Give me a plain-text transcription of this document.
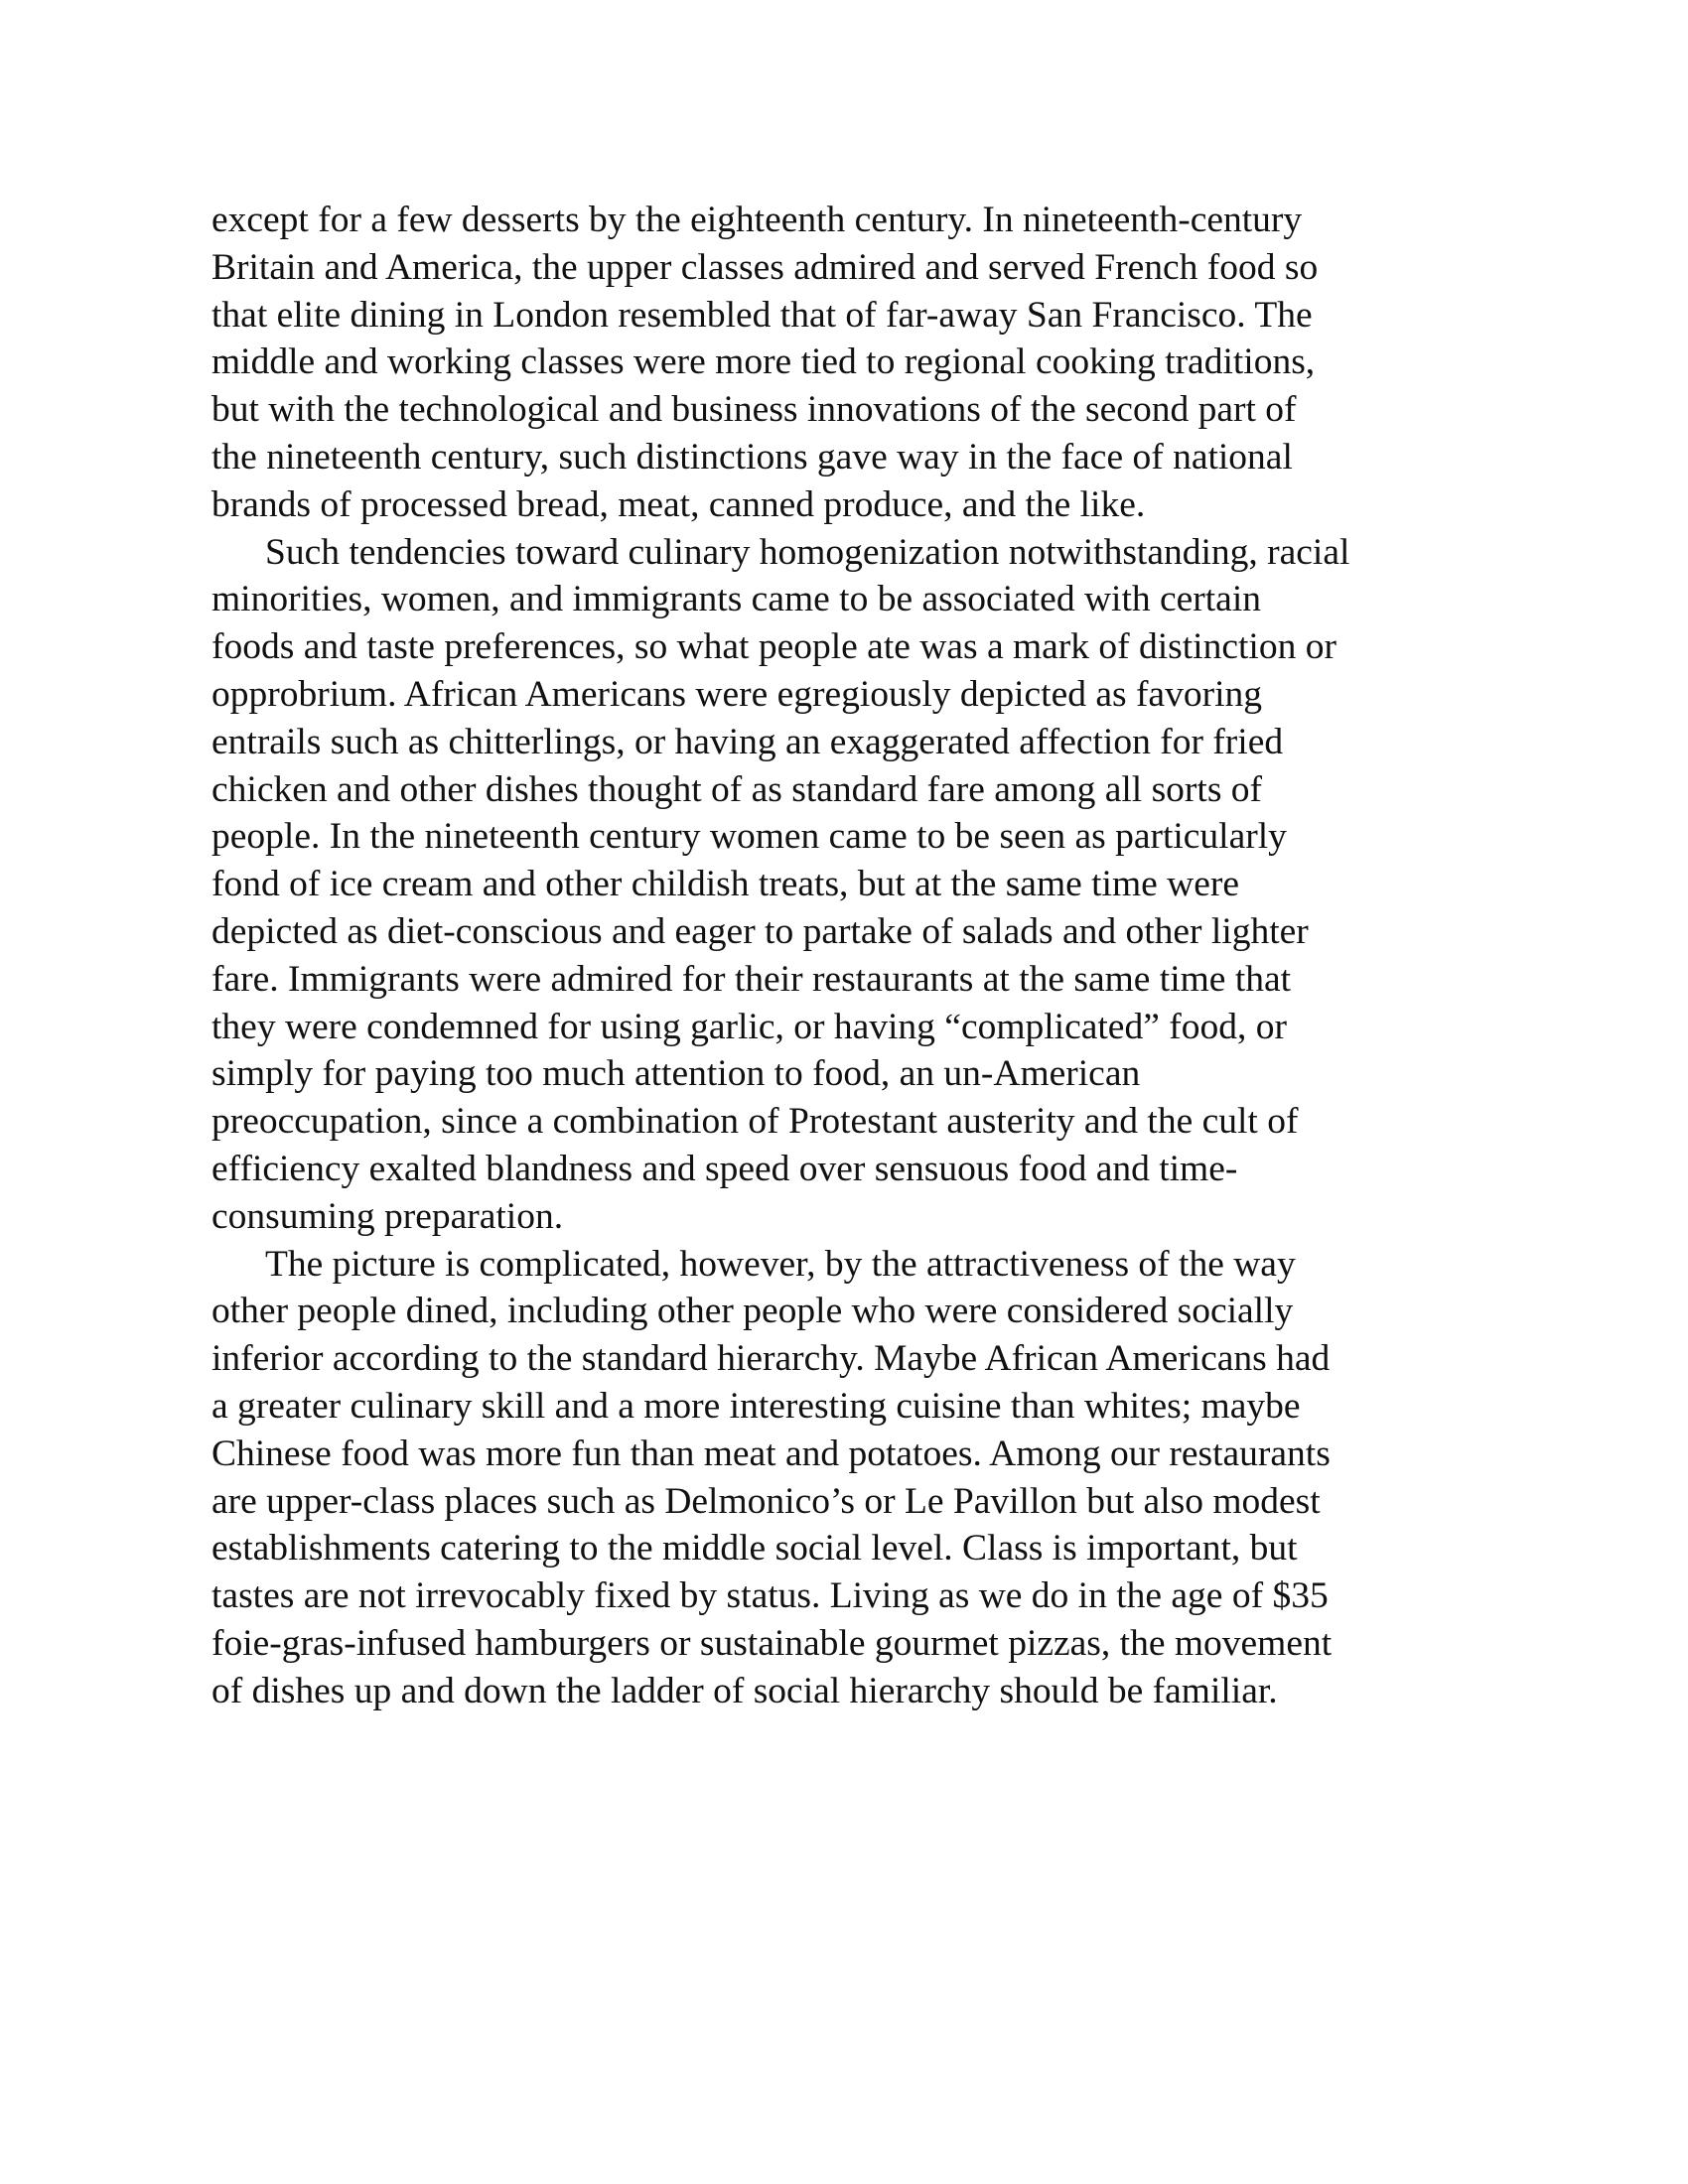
except for a few desserts by the eighteenth century. In nineteenth-century
Britain and America, the upper classes admired and served French food so
that elite dining in London resembled that of far-away San Francisco. The
middle and working classes were more tied to regional cooking traditions,
but with the technological and business innovations of the second part of
the nineteenth century, such distinctions gave way in the face of national
brands of processed bread, meat, canned produce, and the like.
Such tendencies toward culinary homogenization notwithstanding, racial
minorities, women, and immigrants came to be associated with certain
foods and taste preferences, so what people ate was a mark of distinction or
opprobrium. African Americans were egregiously depicted as favoring
entrails such as chitterlings, or having an exaggerated affection for fried
chicken and other dishes thought of as standard fare among all sorts of
people. In the nineteenth century women came to be seen as particularly
fond of ice cream and other childish treats, but at the same time were
depicted as diet-conscious and eager to partake of salads and other lighter
fare. Immigrants were admired for their restaurants at the same time that
they were condemned for using garlic, or having “complicated” food, or
simply for paying too much attention to food, an un-American
preoccupation, since a combination of Protestant austerity and the cult of
efficiency exalted blandness and speed over sensuous food and time-
consuming preparation.
The picture is complicated, however, by the attractiveness of the way
other people dined, including other people who were considered socially
inferior according to the standard hierarchy. Maybe African Americans had
a greater culinary skill and a more interesting cuisine than whites; maybe
Chinese food was more fun than meat and potatoes. Among our restaurants
are upper-class places such as Delmonico’s or Le Pavillon but also modest
establishments catering to the middle social level. Class is important, but
tastes are not irrevocably fixed by status. Living as we do in the age of $35
foie-gras-infused hamburgers or sustainable gourmet pizzas, the movement
of dishes up and down the ladder of social hierarchy should be familiar.
